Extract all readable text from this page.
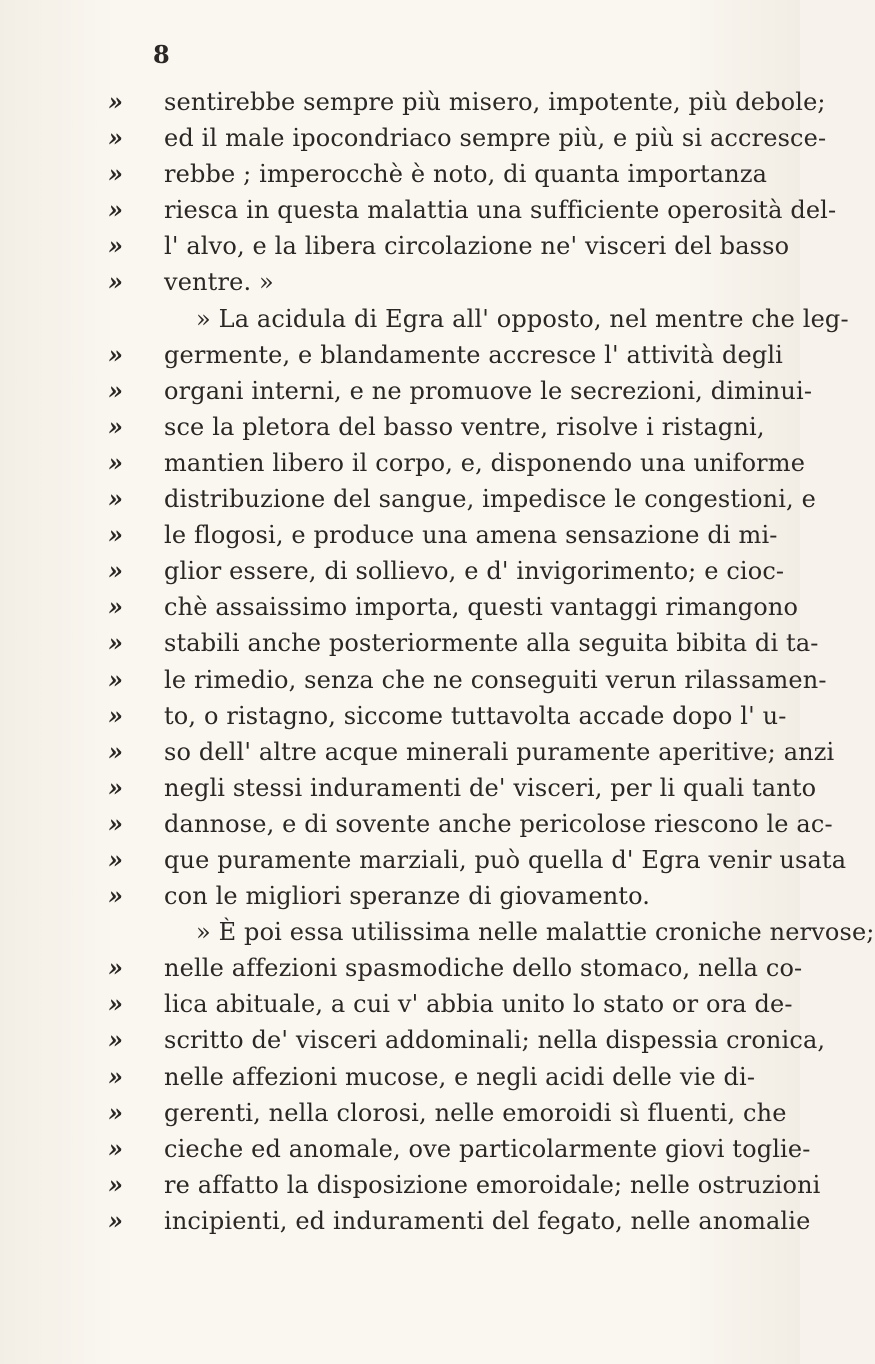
8
»	sentirebbe sempre più misero, impotente, più debole;
»	ed il male ipocondriaco sempre più, e più si accresce-
»	rebbe ; imperocchè è noto, di quanta importanza
»	riesca in questa malattia una sufficiente operosità del-
»	l' alvo, e la libera circolazione ne' visceri del basso
»	ventre. »
» La acidula di Egra all' opposto, nel mentre che leg-
»	germente, e blandamente accresce l' attività degli
»	organi interni, e ne promuove le secrezioni, diminui-
»	sce la pletora del basso ventre, risolve i ristagni,
»	mantien libero il corpo, e, disponendo una uniforme
»	distribuzione del sangue, impedisce le congestioni, e
»	le flogosi, e produce una amena sensazione di mi-
»	glior essere, di sollievo, e d' invigorimento; e cioc-
»	chè assaissimo importa, questi vantaggi rimangono
»	stabili anche posteriormente alla seguita bibita di ta-
»	le rimedio, senza che ne conseguiti verun rilassamen-
»	to, o ristagno, siccome tuttavolta accade dopo l' u-
»	so dell' altre acque minerali puramente aperitive; anzi
»	negli stessi induramenti de' visceri, per li quali tanto
»	dannose, e di sovente anche pericolose riescono le ac-
»	que puramente marziali, può quella d' Egra venir usata
»	con le migliori speranze di giovamento.
» È poi essa utilissima nelle malattie croniche nervose;
»	nelle affezioni spasmodiche dello stomaco, nella co-
»	lica abituale, a cui v' abbia unito lo stato or ora de-
»	scritto de' visceri addominali; nella dispessia cronica,
»	nelle affezioni mucose, e negli acidi delle vie di-
»	gerenti, nella clorosi, nelle emoroidi sì fluenti, che
»	cieche ed anomale, ove particolarmente giovi toglie-
»	re affatto la disposizione emoroidale; nelle ostruzioni
»	incipienti, ed induramenti del fegato, nelle anomalie
